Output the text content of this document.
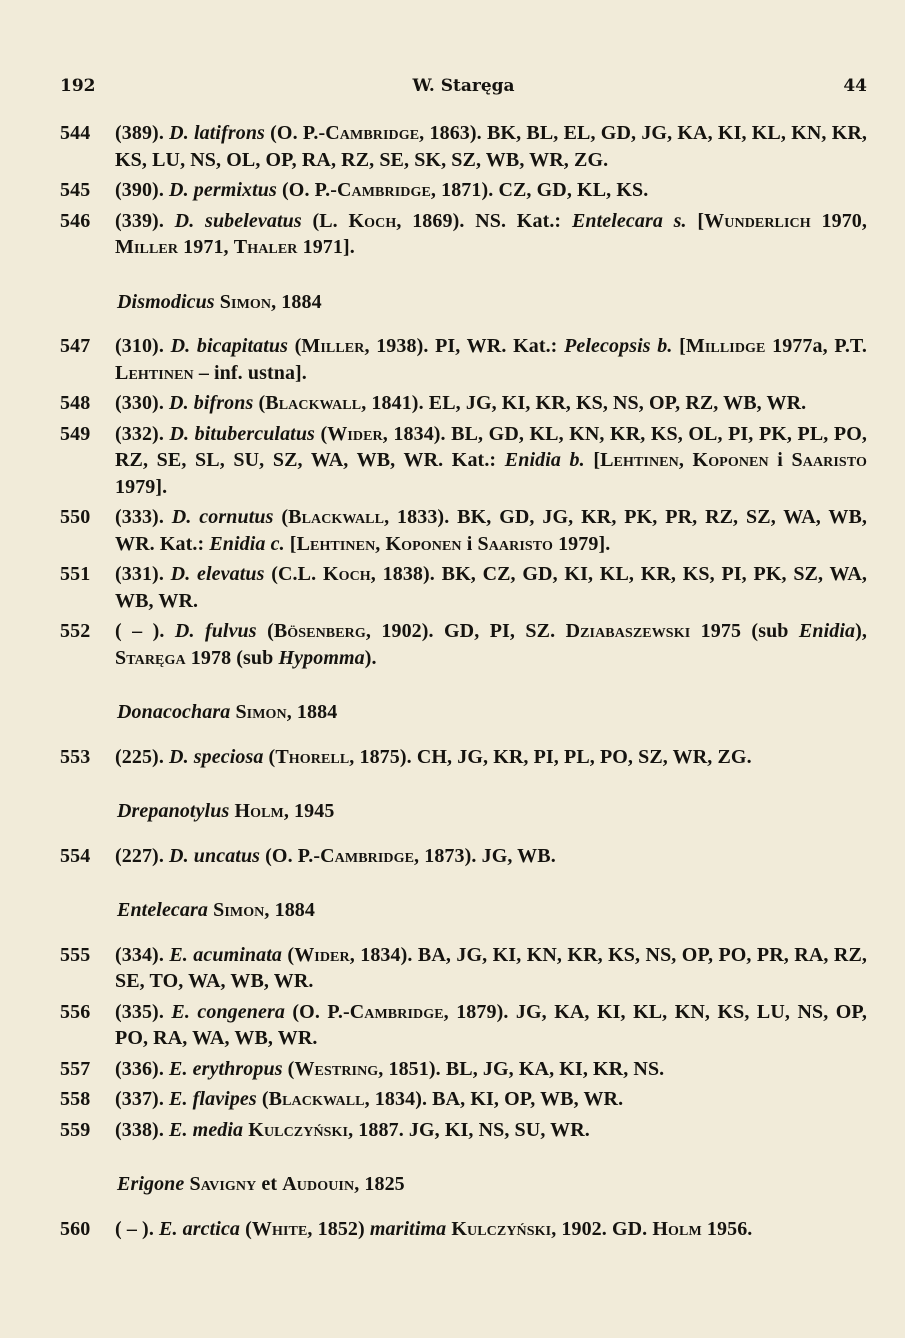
192	W. Staręga	44
544 (389). D. latifrons (O. P.-Cambridge, 1863). BK, BL, EL, GD, JG, KA, KI, KL, KN, KR, KS, LU, NS, OL, OP, RA, RZ, SE, SK, SZ, WB, WR, ZG.
545 (390). D. permixtus (O. P.-Cambridge, 1871). CZ, GD, KL, KS.
546 (339). D. subelevatus (L. Koch, 1869). NS. Kat.: Entelecara s. [Wunderlich 1970, Miller 1971, Thaler 1971].
Dismodicus Simon, 1884
547 (310). D. bicapitatus (Miller, 1938). PI, WR. Kat.: Pelecopsis b. [Millidge 1977a, P.T. Lehtinen – inf. ustna].
548 (330). D. bifrons (Blackwall, 1841). EL, JG, KI, KR, KS, NS, OP, RZ, WB, WR.
549 (332). D. bituberculatus (Wider, 1834). BL, GD, KL, KN, KR, KS, OL, PI, PK, PL, PO, RZ, SE, SL, SU, SZ, WA, WB, WR. Kat.: Enidia b. [Lehtinen, Koponen i Saaristo 1979].
550 (333). D. cornutus (Blackwall, 1833). BK, GD, JG, KR, PK, PR, RZ, SZ, WA, WB, WR. Kat.: Enidia c. [Lehtinen, Koponen i Saaristo 1979].
551 (331). D. elevatus (C.L. Koch, 1838). BK, CZ, GD, KI, KL, KR, KS, PI, PK, SZ, WA, WB, WR.
552 ( – ). D. fulvus (Bösenberg, 1902). GD, PI, SZ. Dziabaszewski 1975 (sub Enidia), Staręga 1978 (sub Hypomma).
Donacochara Simon, 1884
553 (225). D. speciosa (Thorell, 1875). CH, JG, KR, PI, PL, PO, SZ, WR, ZG.
Drepanotylus Holm, 1945
554 (227). D. uncatus (O. P.-Cambridge, 1873). JG, WB.
Entelecara Simon, 1884
555 (334). E. acuminata (Wider, 1834). BA, JG, KI, KN, KR, KS, NS, OP, PO, PR, RA, RZ, SE, TO, WA, WB, WR.
556 (335). E. congenera (O. P.-Cambridge, 1879). JG, KA, KI, KL, KN, KS, LU, NS, OP, PO, RA, WA, WB, WR.
557 (336). E. erythropus (Westring, 1851). BL, JG, KA, KI, KR, NS.
558 (337). E. flavipes (Blackwall, 1834). BA, KI, OP, WB, WR.
559 (338). E. media Kulczyński, 1887. JG, KI, NS, SU, WR.
Erigone Savigny et Audouin, 1825
560 ( – ). E. arctica (White, 1852) maritima Kulczyński, 1902. GD. Holm 1956.
